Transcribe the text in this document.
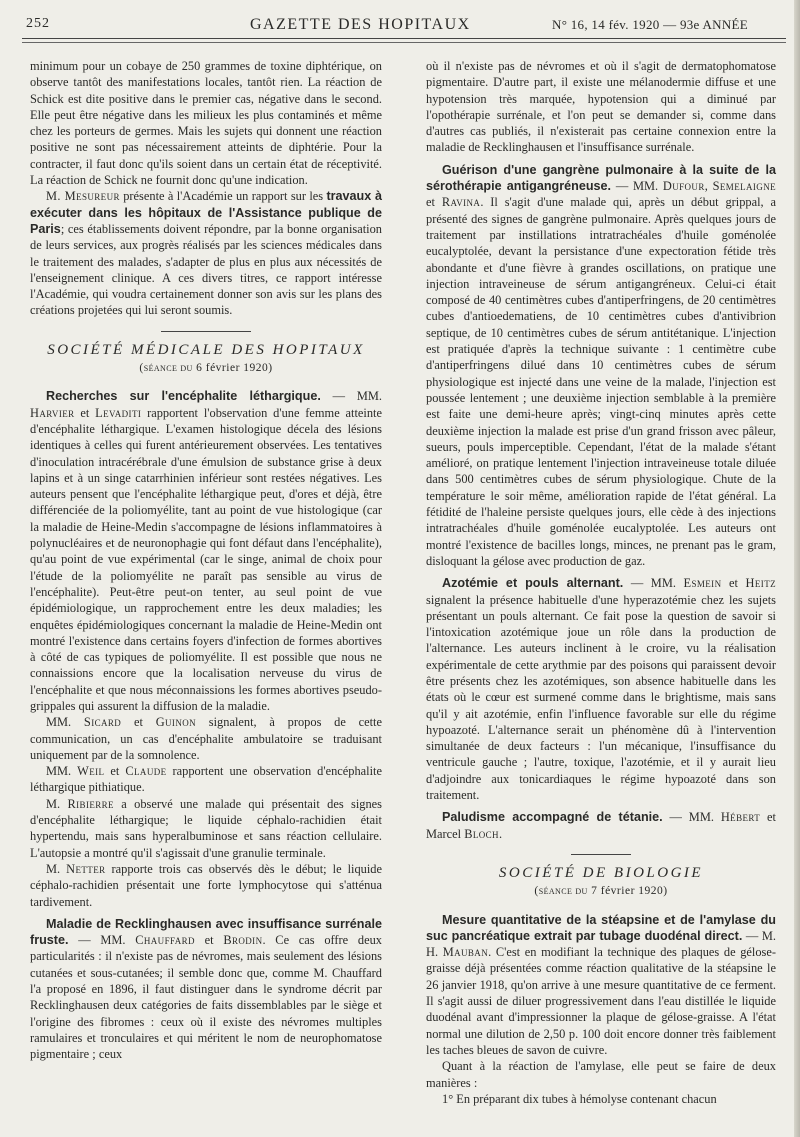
252	GAZETTE DES HOPITAUX	N° 16, 14 fév. 1920 — 93e ANNÉE

minimum pour un cobaye de 250 grammes de toxine diphtérique, on observe tantôt des manifestations locales, tantôt rien. La réaction de Schick est dite positive dans le premier cas, négative dans le second. Elle peut être négative dans les milieux les plus contaminés et même chez les porteurs de germes. Mais les sujets qui donnent une réaction positive ne sont pas nécessairement atteints de diphtérie. Pour la contracter, il faut donc qu'ils soient dans un certain état de réceptivité. La réaction de Schick ne fournit donc qu'une indication.

M. Mesureur présente à l'Académie un rapport sur les travaux à exécuter dans les hôpitaux de l'Assistance publique de Paris; ces établissements doivent répondre, par la bonne organisation de leurs services, aux progrès réalisés par les sciences médicales dans le traitement des malades, s'adapter de plus en plus aux nécessités de l'enseignement clinique. A ces divers titres, ce rapport intéresse l'Académie, qui voudra certainement donner son avis sur les plans des créations projetées qui lui seront soumis.

SOCIÉTÉ MÉDICALE DES HOPITAUX
(séance du 6 février 1920)

Recherches sur l'encéphalite léthargique. — MM. Harvier et Levaditi rapportent l'observation d'une femme atteinte d'encéphalite léthargique. L'examen histologique décela des lésions identiques à celles qui furent antérieurement observées. Les tentatives d'inoculation intracérébrale d'une émulsion de substance grise à deux lapins et à un singe catarrhinien inférieur sont restées négatives. Les auteurs pensent que l'encéphalite léthargique peut, d'ores et déjà, être différenciée de la poliomyélite, tant au point de vue histologique (car la maladie de Heine-Medin s'accompagne de lésions inflammatoires à polynucléaires et de neuronophagie qui font défaut dans l'encéphalite), qu'au point de vue expérimental (car le singe, animal de choix pour l'étude de la poliomyélite ne paraît pas sensible au virus de l'encéphalite). Peut-être peut-on tenter, au seul point de vue épidémiologique, un rapprochement entre les deux maladies; les enquêtes épidémiologiques concernant la maladie de Heine-Medin ont montré l'existence dans certains foyers d'infection de formes abortives à côté de cas typiques de poliomyélite. Il est possible que nous ne connaissions encore que la localisation nerveuse du virus de l'encéphalite et que nous méconnaissions les formes abortives pseudo-grippales qui assurent la diffusion de la maladie.

MM. Sicard et Guinon signalent, à propos de cette communication, un cas d'encéphalite ambulatoire se traduisant uniquement par de la somnolence.

MM. Weil et Claude rapportent une observation d'encéphalite léthargique pithiatique.

M. Ribierre a observé une malade qui présentait des signes d'encéphalite léthargique; le liquide céphalo-rachidien était hypertendu, mais sans hyperalbuminose et sans réaction cellulaire. L'autopsie a montré qu'il s'agissait d'une granulie terminale.

M. Netter rapporte trois cas observés dès le début; le liquide céphalo-rachidien présentait une forte lymphocytose qui s'atténua tardivement.

Maladie de Recklinghausen avec insuffisance surrénale fruste. — MM. Chauffard et Brodin. Ce cas offre deux particularités : il n'existe pas de névromes, mais seulement des lésions cutanées et sous-cutanées; il semble donc que, comme M. Chauffard l'a proposé en 1896, il faut distinguer dans le syndrome décrit par Recklinghausen deux catégories de faits dissemblables par le siège et l'origine des fibromes : ceux où il existe des névromes multiples ramulaires et tronculaires et qui méritent le nom de neurophomatose pigmentaire ; ceux

où il n'existe pas de névromes et où il s'agit de dermatophomatose pigmentaire. D'autre part, il existe une mélanodermie diffuse et une hypotension très marquée, hypotension qui a diminué par l'opothérapie surrénale, et l'on peut se demander si, comme dans d'autres cas publiés, il n'existerait pas certaine connexion entre la maladie de Recklinghausen et l'insuffisance surrénale.

Guérison d'une gangrène pulmonaire à la suite de la sérothérapie antigangréneuse. — MM. Dufour, Semelaigne et Ravina. Il s'agit d'une malade qui, après un début grippal, a présenté des signes de gangrène pulmonaire. Après quelques jours de traitement par instillations intratrachéales d'huile goménolée eucalyptolée, devant la persistance d'une expectoration fétide très abondante et d'une fièvre à grandes oscillations, on pratique une injection intraveineuse de sérum antigangréneux. Celui-ci était composé de 40 centimètres cubes d'antiperfringens, de 20 centimètres cubes d'antioedematiens, de 10 centimètres cubes d'antivibrion septique, de 10 centimètres cubes de sérum antitétanique. L'injection est pratiquée d'après la technique suivante : 1 centimètre cube d'antiperfringens dilué dans 10 centimètres cubes de sérum physiologique est injecté dans une veine de la malade, l'injection est poussée lentement ; une deuxième injection semblable à la première est faite une demi-heure après; vingt-cinq minutes après cette deuxième injection la malade est prise d'un grand frisson avec pâleur, sueurs, pouls imperceptible. Cependant, l'état de la malade s'étant amélioré, on pratique lentement l'injection intraveineuse totale diluée dans 500 centimètres cubes de sérum physiologique. Chute de la température le soir même, amélioration rapide de l'état général. La fétidité de l'haleine persiste quelques jours, elle cède à des injections intratrachéales d'huile goménolée eucalyptolée. Les auteurs ont montré l'existence de bacilles longs, minces, ne prenant pas le gram, disloquant la gélose avec production de gaz.

Azotémie et pouls alternant. — MM. Esmein et Heitz signalent la présence habituelle d'une hyperazotémie chez les sujets présentant un pouls alternant. Ce fait pose la question de savoir si l'intoxication azotémique joue un rôle dans la production de l'alternance. Les auteurs inclinent à le croire, vu la réalisation expérimentale de cette arythmie par des poisons qui paraissent devoir être présents chez les azotémiques, son absence habituelle dans les états où le cœur est surmené comme dans le brightisme, mais sans qu'il y ait azotémie, enfin l'influence favorable sur elle du régime hypoazoté. L'alternance serait un phénomène dû à l'intervention simultanée de deux facteurs : l'un mécanique, l'insuffisance du ventricule gauche ; l'autre, toxique, l'azotémie, et il y aurait lieu d'adjoindre aux tonicardiaques le régime hypoazoté dans son traitement.

Paludisme accompagné de tétanie. — MM. Hébert et Marcel Bloch.

SOCIÉTÉ DE BIOLOGIE
(séance du 7 février 1920)

Mesure quantitative de la stéapsine et de l'amylase du suc pancréatique extrait par tubage duodénal direct. — M. H. Mauban. C'est en modifiant la technique des plaques de gélose-graisse déjà présentées comme réaction qualitative de la stéapsine le 26 janvier 1918, qu'on arrive à une mesure quantitative de ce ferment. Il s'agit aussi de diluer progressivement dans l'eau distillée le liquide duodénal avant d'impressionner la plaque de gélose-graisse. A l'état normal une dilution de 2,50 p. 100 doit encore donner très faiblement les taches bleues de savon de cuivre.

Quant à la réaction de l'amylase, elle peut se faire de deux manières :

1° En préparant dix tubes à hémolyse contenant chacun
